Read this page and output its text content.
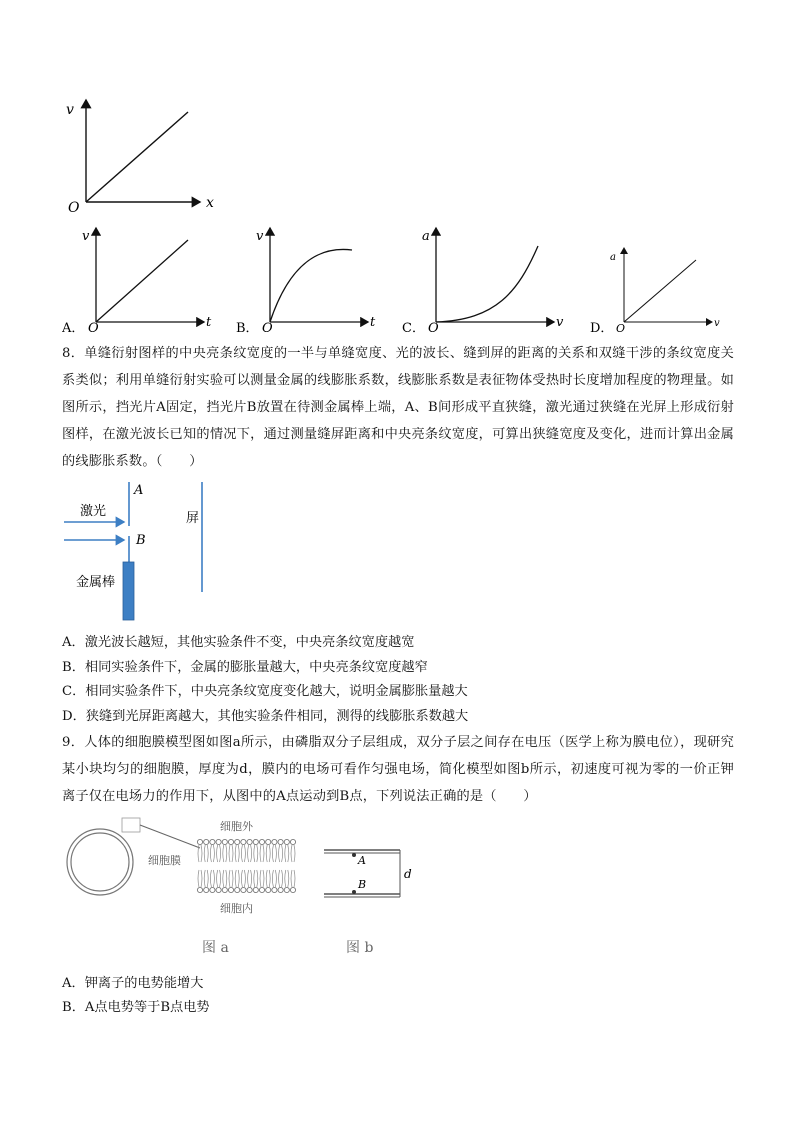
v
x
O
A．
v
t
O	B．
v
t
O	C．
a
v
O	D．
a
v
O
8．单缝衍射图样的中央亮条纹宽度的一半与单缝宽度、光的波长、缝到屏的距离的关系和双缝干涉的条纹宽度关系类似；利用单缝衍射实验可以测量金属的线膨胀系数，线膨胀系数是表征物体受热时长度增加程度的物理量。如图所示，挡光片A固定，挡光片B放置在待测金属棒上端，A、B间形成平直狭缝，激光通过狭缝在光屏上形成衍射图样，在激光波长已知的情况下，通过测量缝屏距离和中央亮条纹宽度，可算出狭缝宽度及变化，进而计算出金属的线膨胀系数。（　　）
激光
A
B
金属棒
屏
A．激光波长越短，其他实验条件不变，中央亮条纹宽度越宽
B．相同实验条件下，金属的膨胀量越大，中央亮条纹宽度越窄
C．相同实验条件下，中央亮条纹宽度变化越大，说明金属膨胀量越大
D．狭缝到光屏距离越大，其他实验条件相同，测得的线膨胀系数越大
9．人体的细胞膜模型图如图a所示，由磷脂双分子层组成，双分子层之间存在电压（医学上称为膜电位），现研究某小块均匀的细胞膜，厚度为d，膜内的电场可看作匀强电场，简化模型如图b所示，初速度可视为零的一价正钾离子仅在电场力的作用下，从图中的A点运动到B点，下列说法正确的是（　　）
细胞膜
细胞外
细胞内
图 a
A
B
d
图 b
A．钾离子的电势能增大
B．A点电势等于B点电势
